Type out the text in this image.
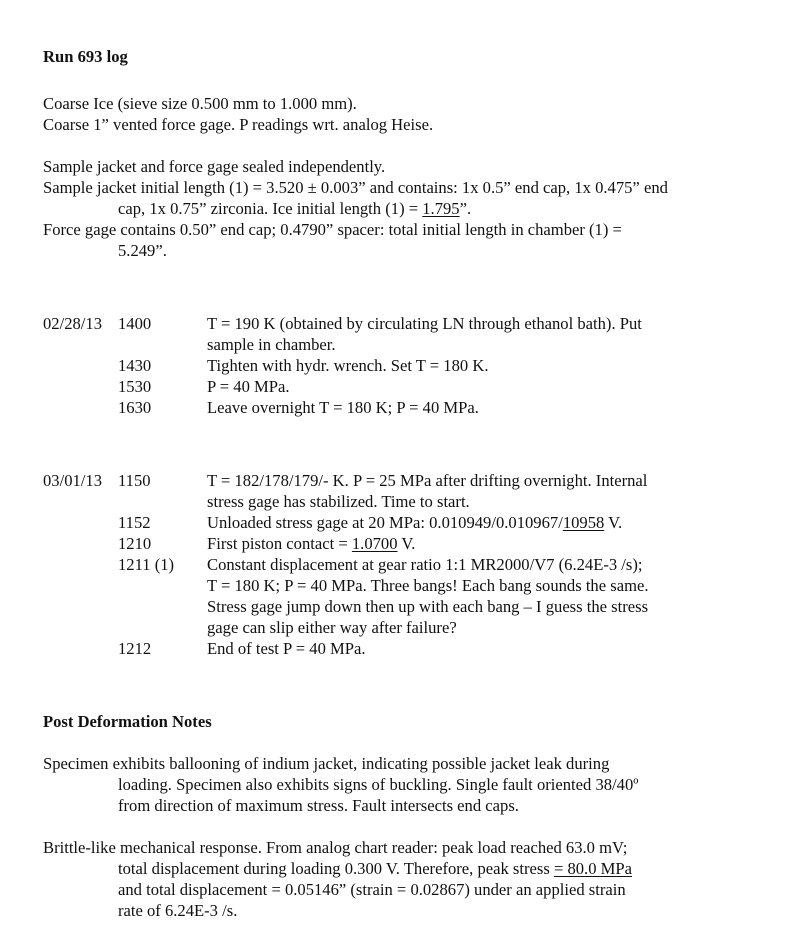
Run 693 log

Coarse Ice (sieve size 0.500 mm to 1.000 mm).

Coarse 1” vented force gage. P readings wrt. analog Heise.

Sample jacket and force gage sealed independently.

Sample jacket initial length (1) = 3.520 ± 0.003” and contains: 1x 0.5” end cap, 1x 0.475” end

cap, 1x 0.75” zirconia. Ice initial length (1) = 1.795”.

Force gage contains 0.50” end cap; 0.4790” spacer: total initial length in chamber (1) =

5.249”.

02/28/13 1400	T = 190 K (obtained by circulating LN through ethanol bath). Put
sample in chamber.
1430	Tighten with hydr. wrench. Set T = 180 K.
1530	P = 40 MPa.
1630	Leave overnight T = 180 K; P = 40 MPa.
03/01/13 1150	T = 182/178/179/- K. P = 25 MPa after drifting overnight. Internal
stress gage has stabilized. Time to start.
1152	Unloaded stress gage at 20 MPa: 0.010949/0.010967/10958 V.
1210	First piston contact = 1.0700 V.
1211 (1)	Constant displacement at gear ratio 1:1 MR2000/V7 (6.24E-3 /s);
T = 180 K; P = 40 MPa. Three bangs! Each bang sounds the same.
Stress gage jump down then up with each bang – I guess the stress
gage can slip either way after failure?
1212	End of test P = 40 MPa.

Post Deformation Notes

Specimen exhibits ballooning of indium jacket, indicating possible jacket leak during

loading. Specimen also exhibits signs of buckling. Single fault oriented 38/40º

from direction of maximum stress. Fault intersects end caps.

Brittle-like mechanical response. From analog chart reader: peak load reached 63.0 mV;

total displacement during loading 0.300 V. Therefore, peak stress = 80.0 MPa

and total displacement = 0.05146” (strain = 0.02867) under an applied strain

rate of 6.24E-3 /s.
